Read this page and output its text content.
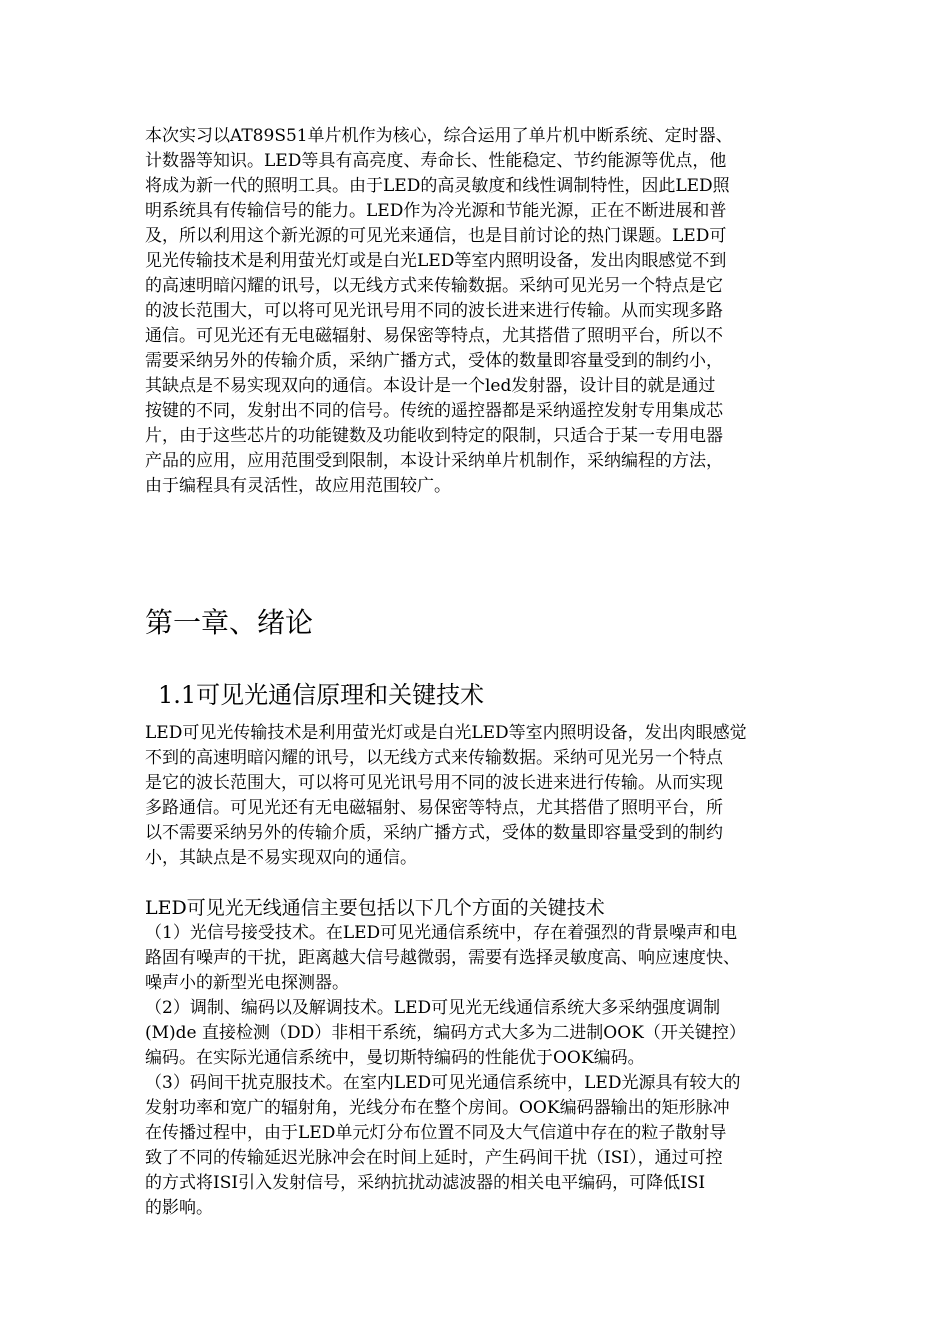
本次实习以AT89S51单片机作为核心，综合运用了单片机中断系统、定时器、
计数器等知识。LED等具有高亮度、寿命长、性能稳定、节约能源等优点，他
将成为新一代的照明工具。由于LED的高灵敏度和线性调制特性，因此LED照
明系统具有传输信号的能力。LED作为冷光源和节能光源，正在不断进展和普
及，所以利用这个新光源的可见光来通信，也是目前讨论的热门课题。LED可
见光传输技术是利用萤光灯或是白光LED等室内照明设备，发出肉眼感觉不到
的高速明暗闪耀的讯号，以无线方式来传输数据。采纳可见光另一个特点是它
的波长范围大，可以将可见光讯号用不同的波长进来进行传输。从而实现多路
通信。可见光还有无电磁辐射、易保密等特点，尤其搭借了照明平台，所以不
需要采纳另外的传输介质，采纳广播方式，受体的数量即容量受到的制约小，
其缺点是不易实现双向的通信。本设计是一个led发射器，设计目的就是通过
按键的不同，发射出不同的信号。传统的遥控器都是采纳遥控发射专用集成芯
片，由于这些芯片的功能键数及功能收到特定的限制，只适合于某一专用电器
产品的应用，应用范围受到限制，本设计采纳单片机制作，采纳编程的方法，
由于编程具有灵活性，故应用范围较广。
第一章、绪论
1.1可见光通信原理和关键技术
LED可见光传输技术是利用萤光灯或是白光LED等室内照明设备，发出肉眼感觉
不到的高速明暗闪耀的讯号，以无线方式来传输数据。采纳可见光另一个特点
是它的波长范围大，可以将可见光讯号用不同的波长进来进行传输。从而实现
多路通信。可见光还有无电磁辐射、易保密等特点，尤其搭借了照明平台，所
以不需要采纳另外的传输介质，采纳广播方式，受体的数量即容量受到的制约
小，其缺点是不易实现双向的通信。
LED可见光无线通信主要包括以下几个方面的关键技术
（1）光信号接受技术。在LED可见光通信系统中，存在着强烈的背景噪声和电
路固有噪声的干扰，距离越大信号越微弱，需要有选择灵敏度高、响应速度快、
噪声小的新型光电探测器。
（2）调制、编码以及解调技术。LED可见光无线通信系统大多采纳强度调制
(M)de 直接检测（DD）非相干系统，编码方式大多为二进制OOK（开关键控）
编码。在实际光通信系统中，曼切斯特编码的性能优于OOK编码。
（3）码间干扰克服技术。在室内LED可见光通信系统中，LED光源具有较大的
发射功率和宽广的辐射角，光线分布在整个房间。OOK编码器输出的矩形脉冲
在传播过程中，由于LED单元灯分布位置不同及大气信道中存在的粒子散射导
致了不同的传输延迟光脉冲会在时间上延时，产生码间干扰（ISI），通过可控
的方式将ISI引入发射信号，采纳抗扰动滤波器的相关电平编码，可降低ISI
的影响。
